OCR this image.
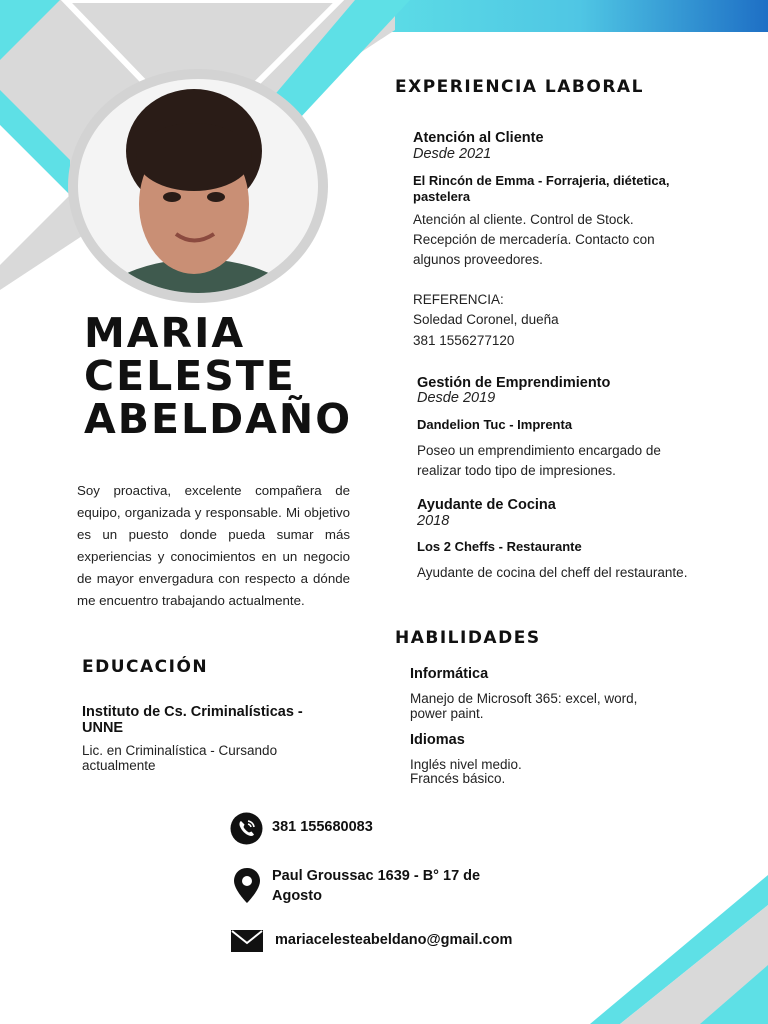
MARIA
CELESTE
ABELDAÑO
Soy proactiva, excelente compañera de equipo, organizada y responsable. Mi objetivo es un puesto donde pueda sumar más experiencias y conocimientos en un negocio de mayor envergadura con respecto a dónde me encuentro trabajando actualmente.
EDUCACIÓN
Instituto de Cs. Criminalísticas - UNNE
Lic. en Criminalística - Cursando actualmente
EXPERIENCIA LABORAL
Atención al Cliente
Desde 2021
El Rincón de Emma - Forrajeria, diétetica, pastelera
Atención al cliente. Control de Stock. Recepción de mercadería. Contacto con algunos proveedores.
REFERENCIA:
Soledad Coronel, dueña
381 1556277120
Gestión de Emprendimiento
Desde 2019
Dandelion Tuc - Imprenta
Poseo un emprendimiento encargado de realizar todo tipo de impresiones.
Ayudante de Cocina
2018
Los 2 Cheffs - Restaurante
Ayudante de cocina del cheff del restaurante.
HABILIDADES
Informática
Manejo de Microsoft 365: excel, word,
power paint.
Idiomas
Inglés nivel medio.
Francés básico.
381 155680083
Paul Groussac 1639 - B° 17 de Agosto
mariacelesteabeldano@gmail.com
